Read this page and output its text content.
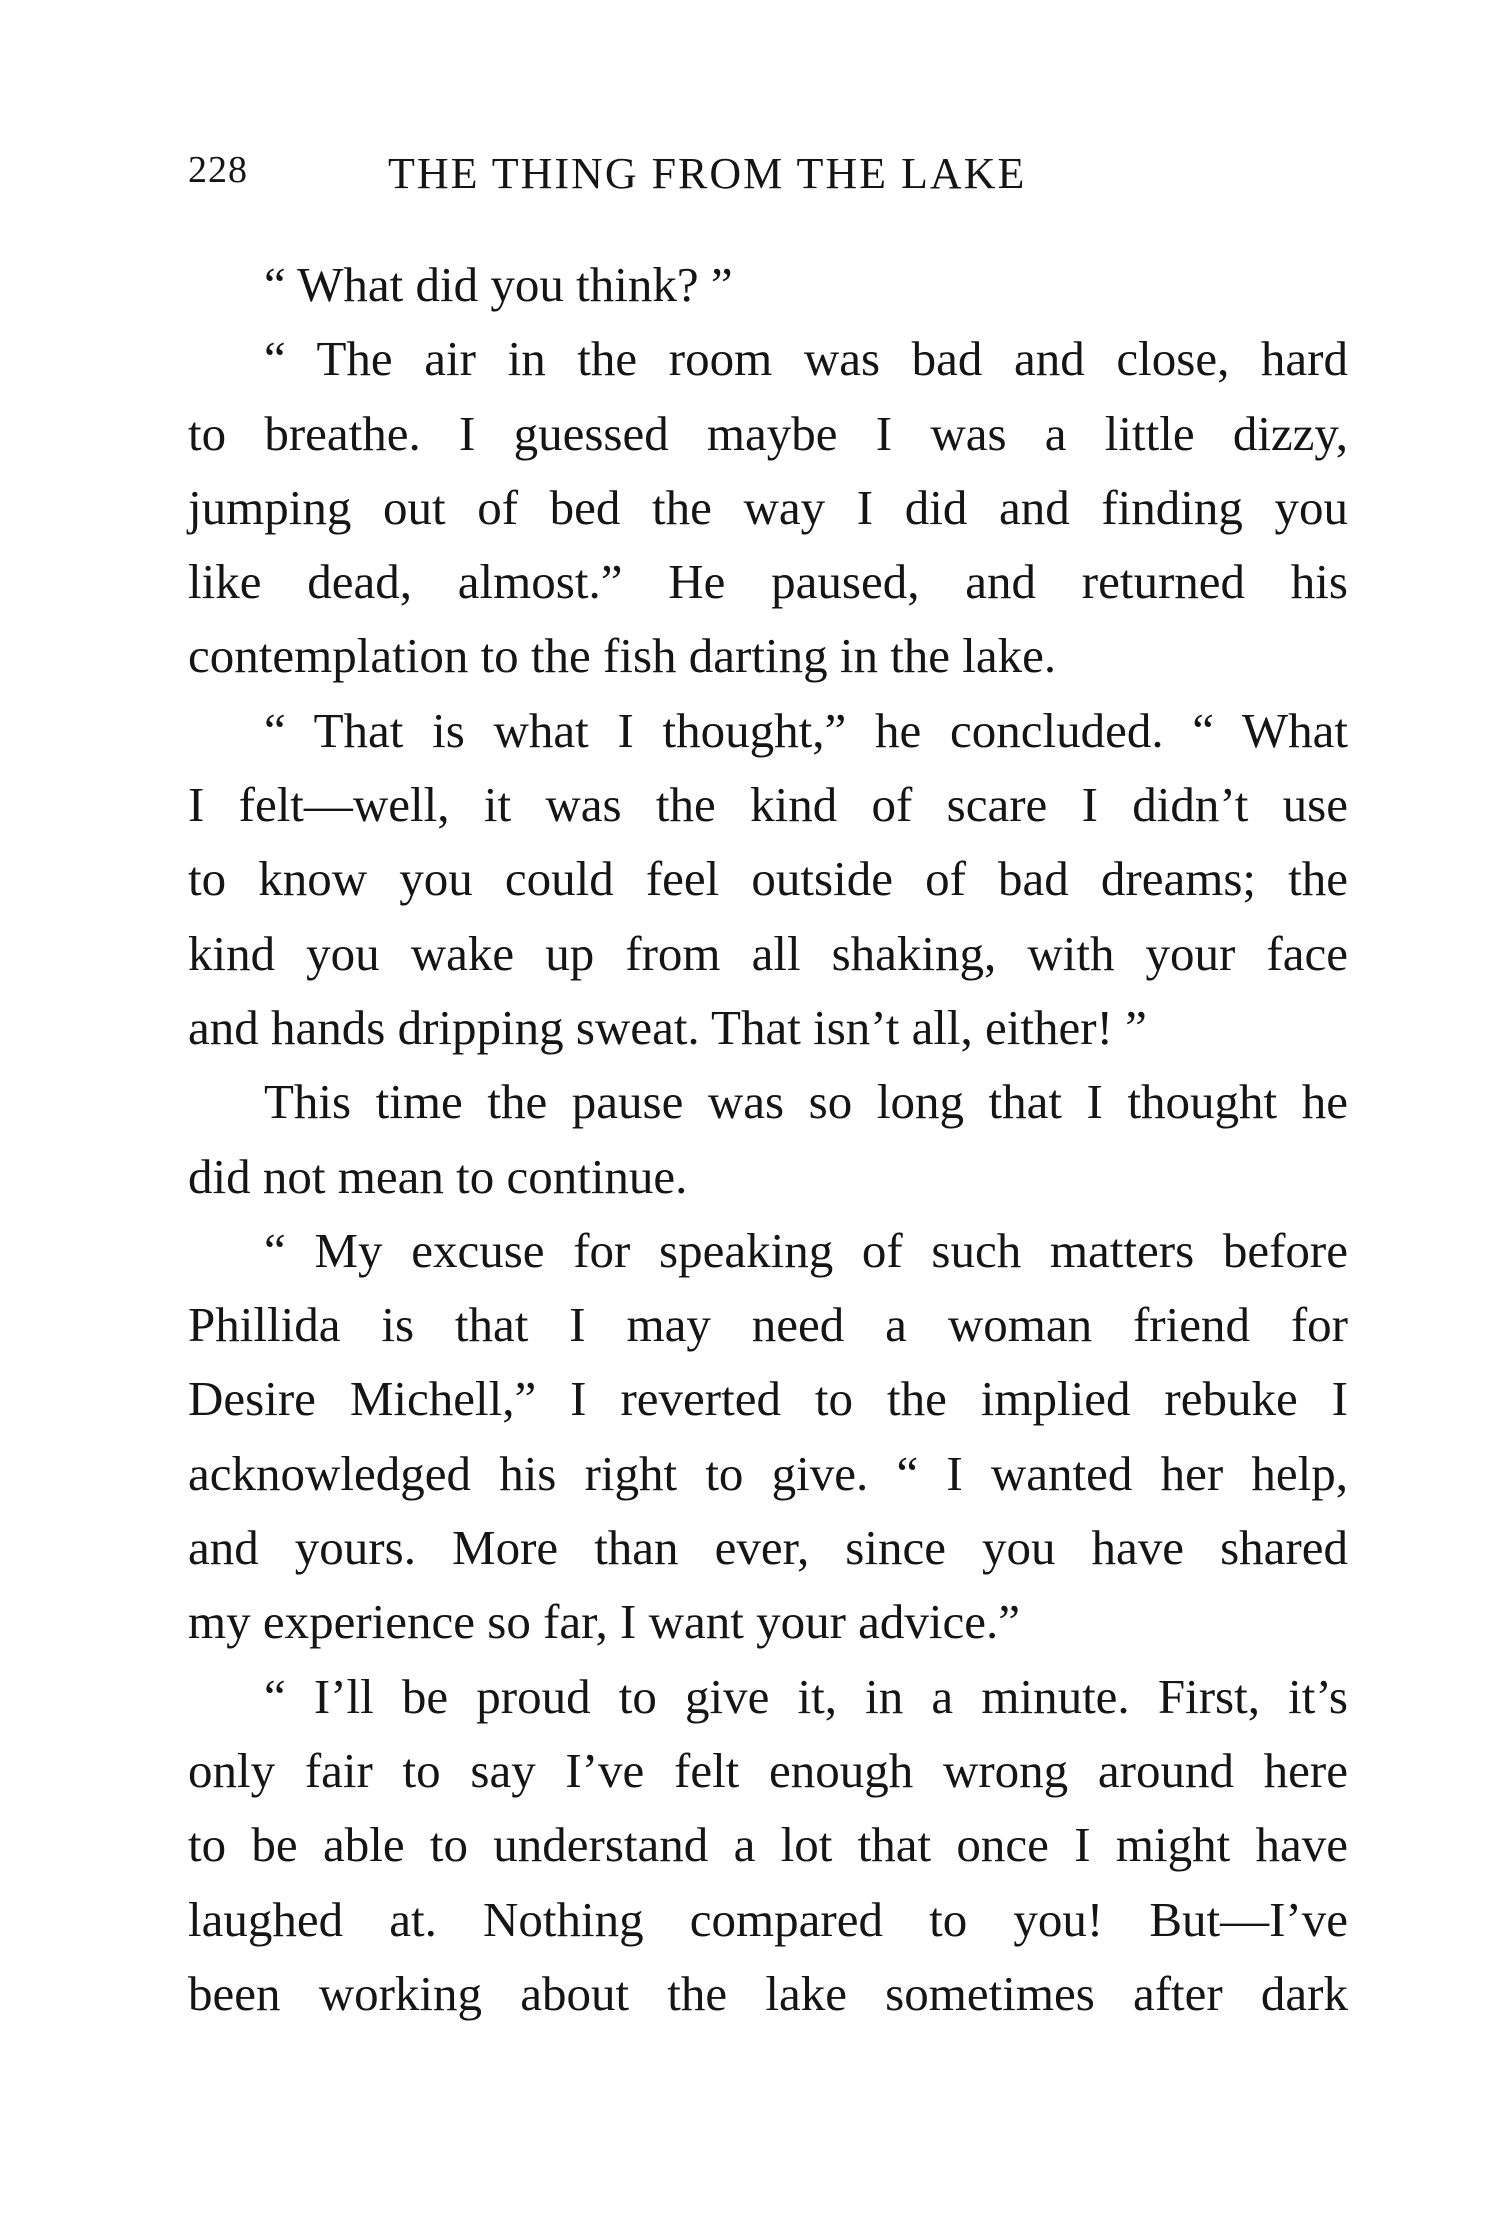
228	THE THING FROM THE LAKE
“ What did you think? ”
“ The air in the room was bad and close, hard
to breathe. I guessed maybe I was a little dizzy,
jumping out of bed the way I did and finding you
like dead, almost.” He paused, and returned his
contemplation to the fish darting in the lake.
“ That is what I thought,” he concluded. “ What
I felt—well, it was the kind of scare I didn’t use
to know you could feel outside of bad dreams; the
kind you wake up from all shaking, with your face
and hands dripping sweat. That isn’t all, either! ”
This time the pause was so long that I thought he
did not mean to continue.
“ My excuse for speaking of such matters before
Phillida is that I may need a woman friend for
Desire Michell,” I reverted to the implied rebuke I
acknowledged his right to give. “ I wanted her help,
and yours. More than ever, since you have shared
my experience so far, I want your advice.”
“ I’ll be proud to give it, in a minute. First, it’s
only fair to say I’ve felt enough wrong around here
to be able to understand a lot that once I might have
laughed at. Nothing compared to you! But—I’ve
been working about the lake sometimes after dark
